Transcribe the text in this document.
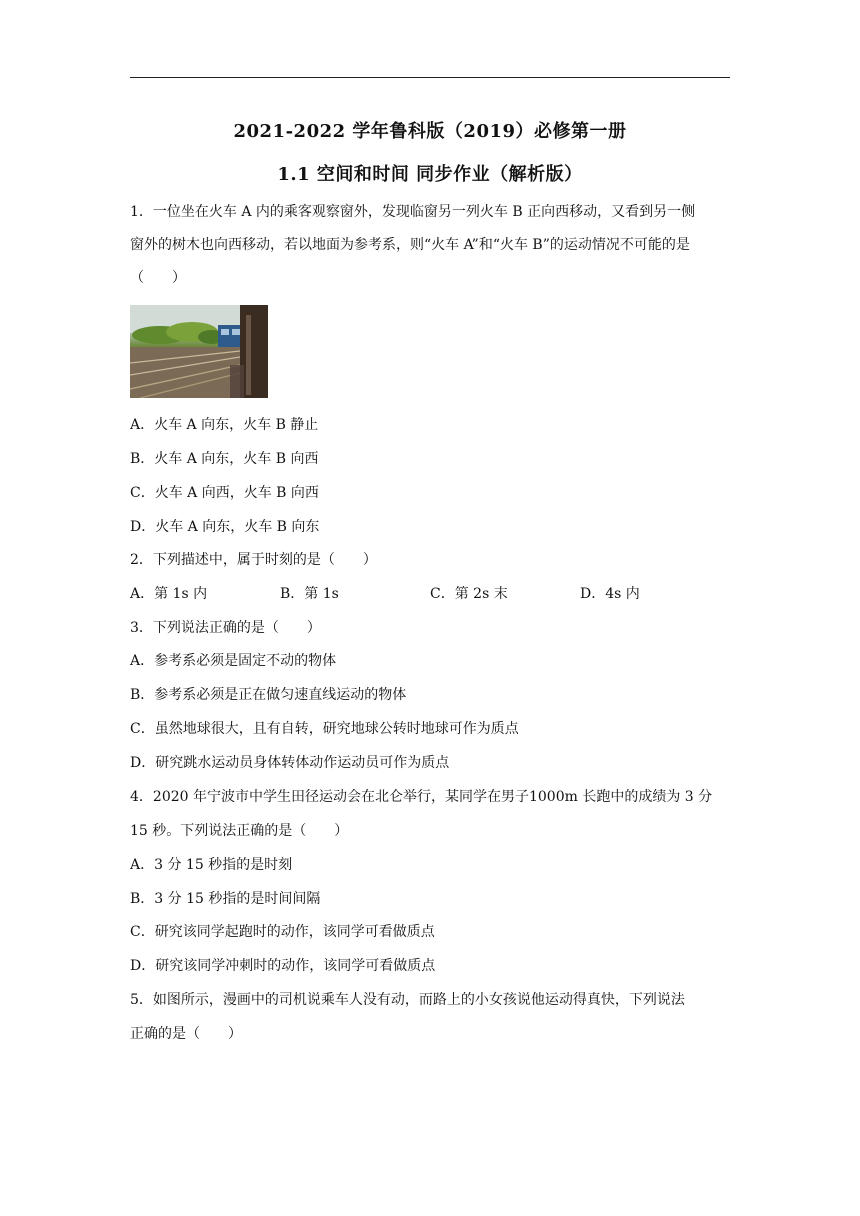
2021-2022 学年鲁科版（2019）必修第一册
1.1 空间和时间 同步作业（解析版）
1．一位坐在火车 A 内的乘客观察窗外，发现临窗另一列火车 B 正向西移动，又看到另一侧
窗外的树木也向西移动，若以地面为参考系，则“火车 A”和“火车 B”的运动情况不可能的是
（　　）
A．火车 A 向东，火车 B 静止
B．火车 A 向东，火车 B 向西
C．火车 A 向西，火车 B 向西
D．火车 A 向东，火车 B 向东
2．下列描述中，属于时刻的是（　　）
A．第 1s 内	B．第 1s	C．第 2s 末	D．4s 内
3．下列说法正确的是（　　）
A．参考系必须是固定不动的物体
B．参考系必须是正在做匀速直线运动的物体
C．虽然地球很大，且有自转，研究地球公转时地球可作为质点
D．研究跳水运动员身体转体动作运动员可作为质点
4．2020 年宁波市中学生田径运动会在北仑举行，某同学在男子1000m 长跑中的成绩为 3 分
15 秒。下列说法正确的是（　　）
A．3 分 15 秒指的是时刻
B．3 分 15 秒指的是时间间隔
C．研究该同学起跑时的动作，该同学可看做质点
D．研究该同学冲刺时的动作，该同学可看做质点
5．如图所示，漫画中的司机说乘车人没有动，而路上的小女孩说他运动得真快，下列说法
正确的是（　　）
